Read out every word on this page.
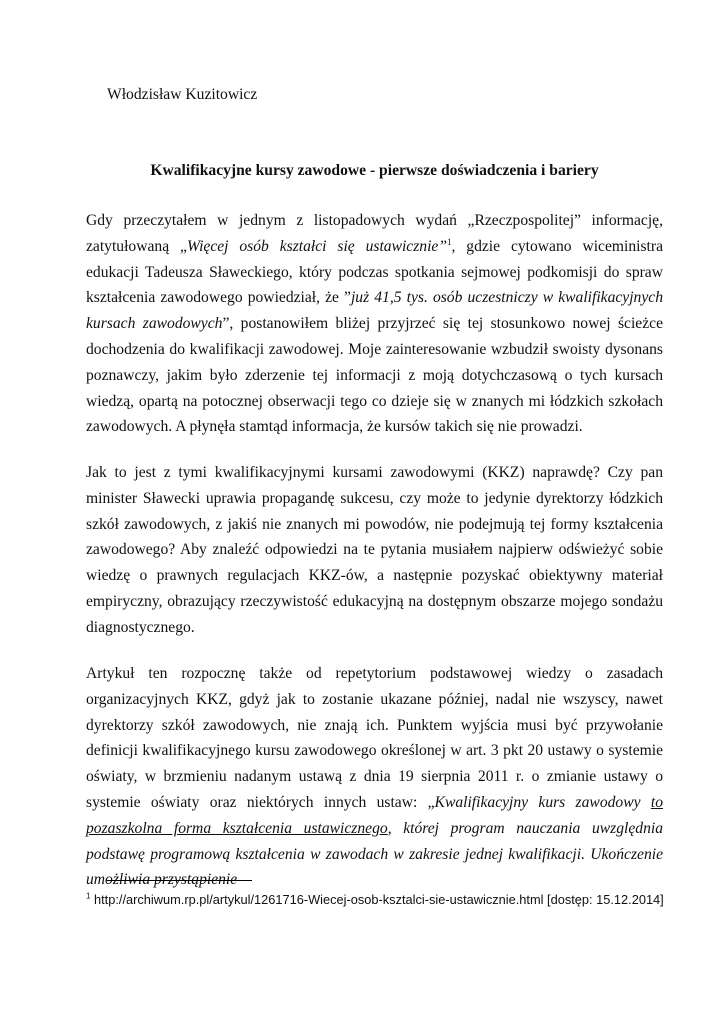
Włodzisław Kuzitowicz
Kwalifikacyjne kursy zawodowe - pierwsze doświadczenia i bariery

Gdy przeczytałem w jednym z listopadowych wydań „Rzeczpospolitej” informację, zatytułowaną „Więcej osób kształci się ustawicznie”$^1$, gdzie cytowano wiceministra edukacji Tadeusza Sławeckiego, który podczas spotkania sejmowej podkomisji do spraw kształcenia zawodowego powiedział, że ”już 41,5 tys. osób uczestniczy w kwalifikacyjnych kursach zawodowych”, postanowiłem bliżej przyjrzeć się tej stosunkowo nowej ścieżce dochodzenia do kwalifikacji zawodowej. Moje zainteresowanie wzbudził swoisty dysonans poznawczy, jakim było zderzenie tej informacji z moją dotychczasową o tych kursach wiedzą, opartą na potocznej obserwacji tego co dzieje się w znanych mi łódzkich szkołach zawodowych. A płynęła stamtąd informacja, że kursów takich się nie prowadzi.

Jak to jest z tymi kwalifikacyjnymi kursami zawodowymi (KKZ) naprawdę? Czy pan minister Sławecki uprawia propagandę sukcesu, czy może to jedynie dyrektorzy łódzkich szkół zawodowych, z jakiś nie znanych mi powodów, nie podejmują tej formy kształcenia zawodowego? Aby znaleźć odpowiedzi na te pytania musiałem najpierw odświeżyć sobie wiedzę o prawnych regulacjach KKZ-ów, a następnie pozyskać obiektywny materiał empiryczny, obrazujący rzeczywistość edukacyjną na dostępnym obszarze mojego sondażu diagnostycznego.

Artykuł ten rozpocznę także od repetytorium podstawowej wiedzy o zasadach organizacyjnych KKZ, gdyż jak to zostanie ukazane później, nadal nie wszyscy, nawet dyrektorzy szkół zawodowych, nie znają ich. Punktem wyjścia musi być przywołanie definicji kwalifikacyjnego kursu zawodowego określonej w art. 3 pkt 20 ustawy o systemie oświaty, w brzmieniu nadanym ustawą z dnia 19 sierpnia 2011 r. o zmianie ustawy o systemie oświaty oraz niektórych innych ustaw: „Kwalifikacyjny kurs zawodowy to pozaszkolna forma kształcenia ustawicznego, której program nauczania uwzględnia podstawę programową kształcenia w zawodach w zakresie jednej kwalifikacji. Ukończenie umożliwia przystąpienie

$^1$ http://archiwum.rp.pl/artykul/1261716-Wiecej-osob-ksztalci-sie-ustawicznie.html [dostęp: 15.12.2014]
